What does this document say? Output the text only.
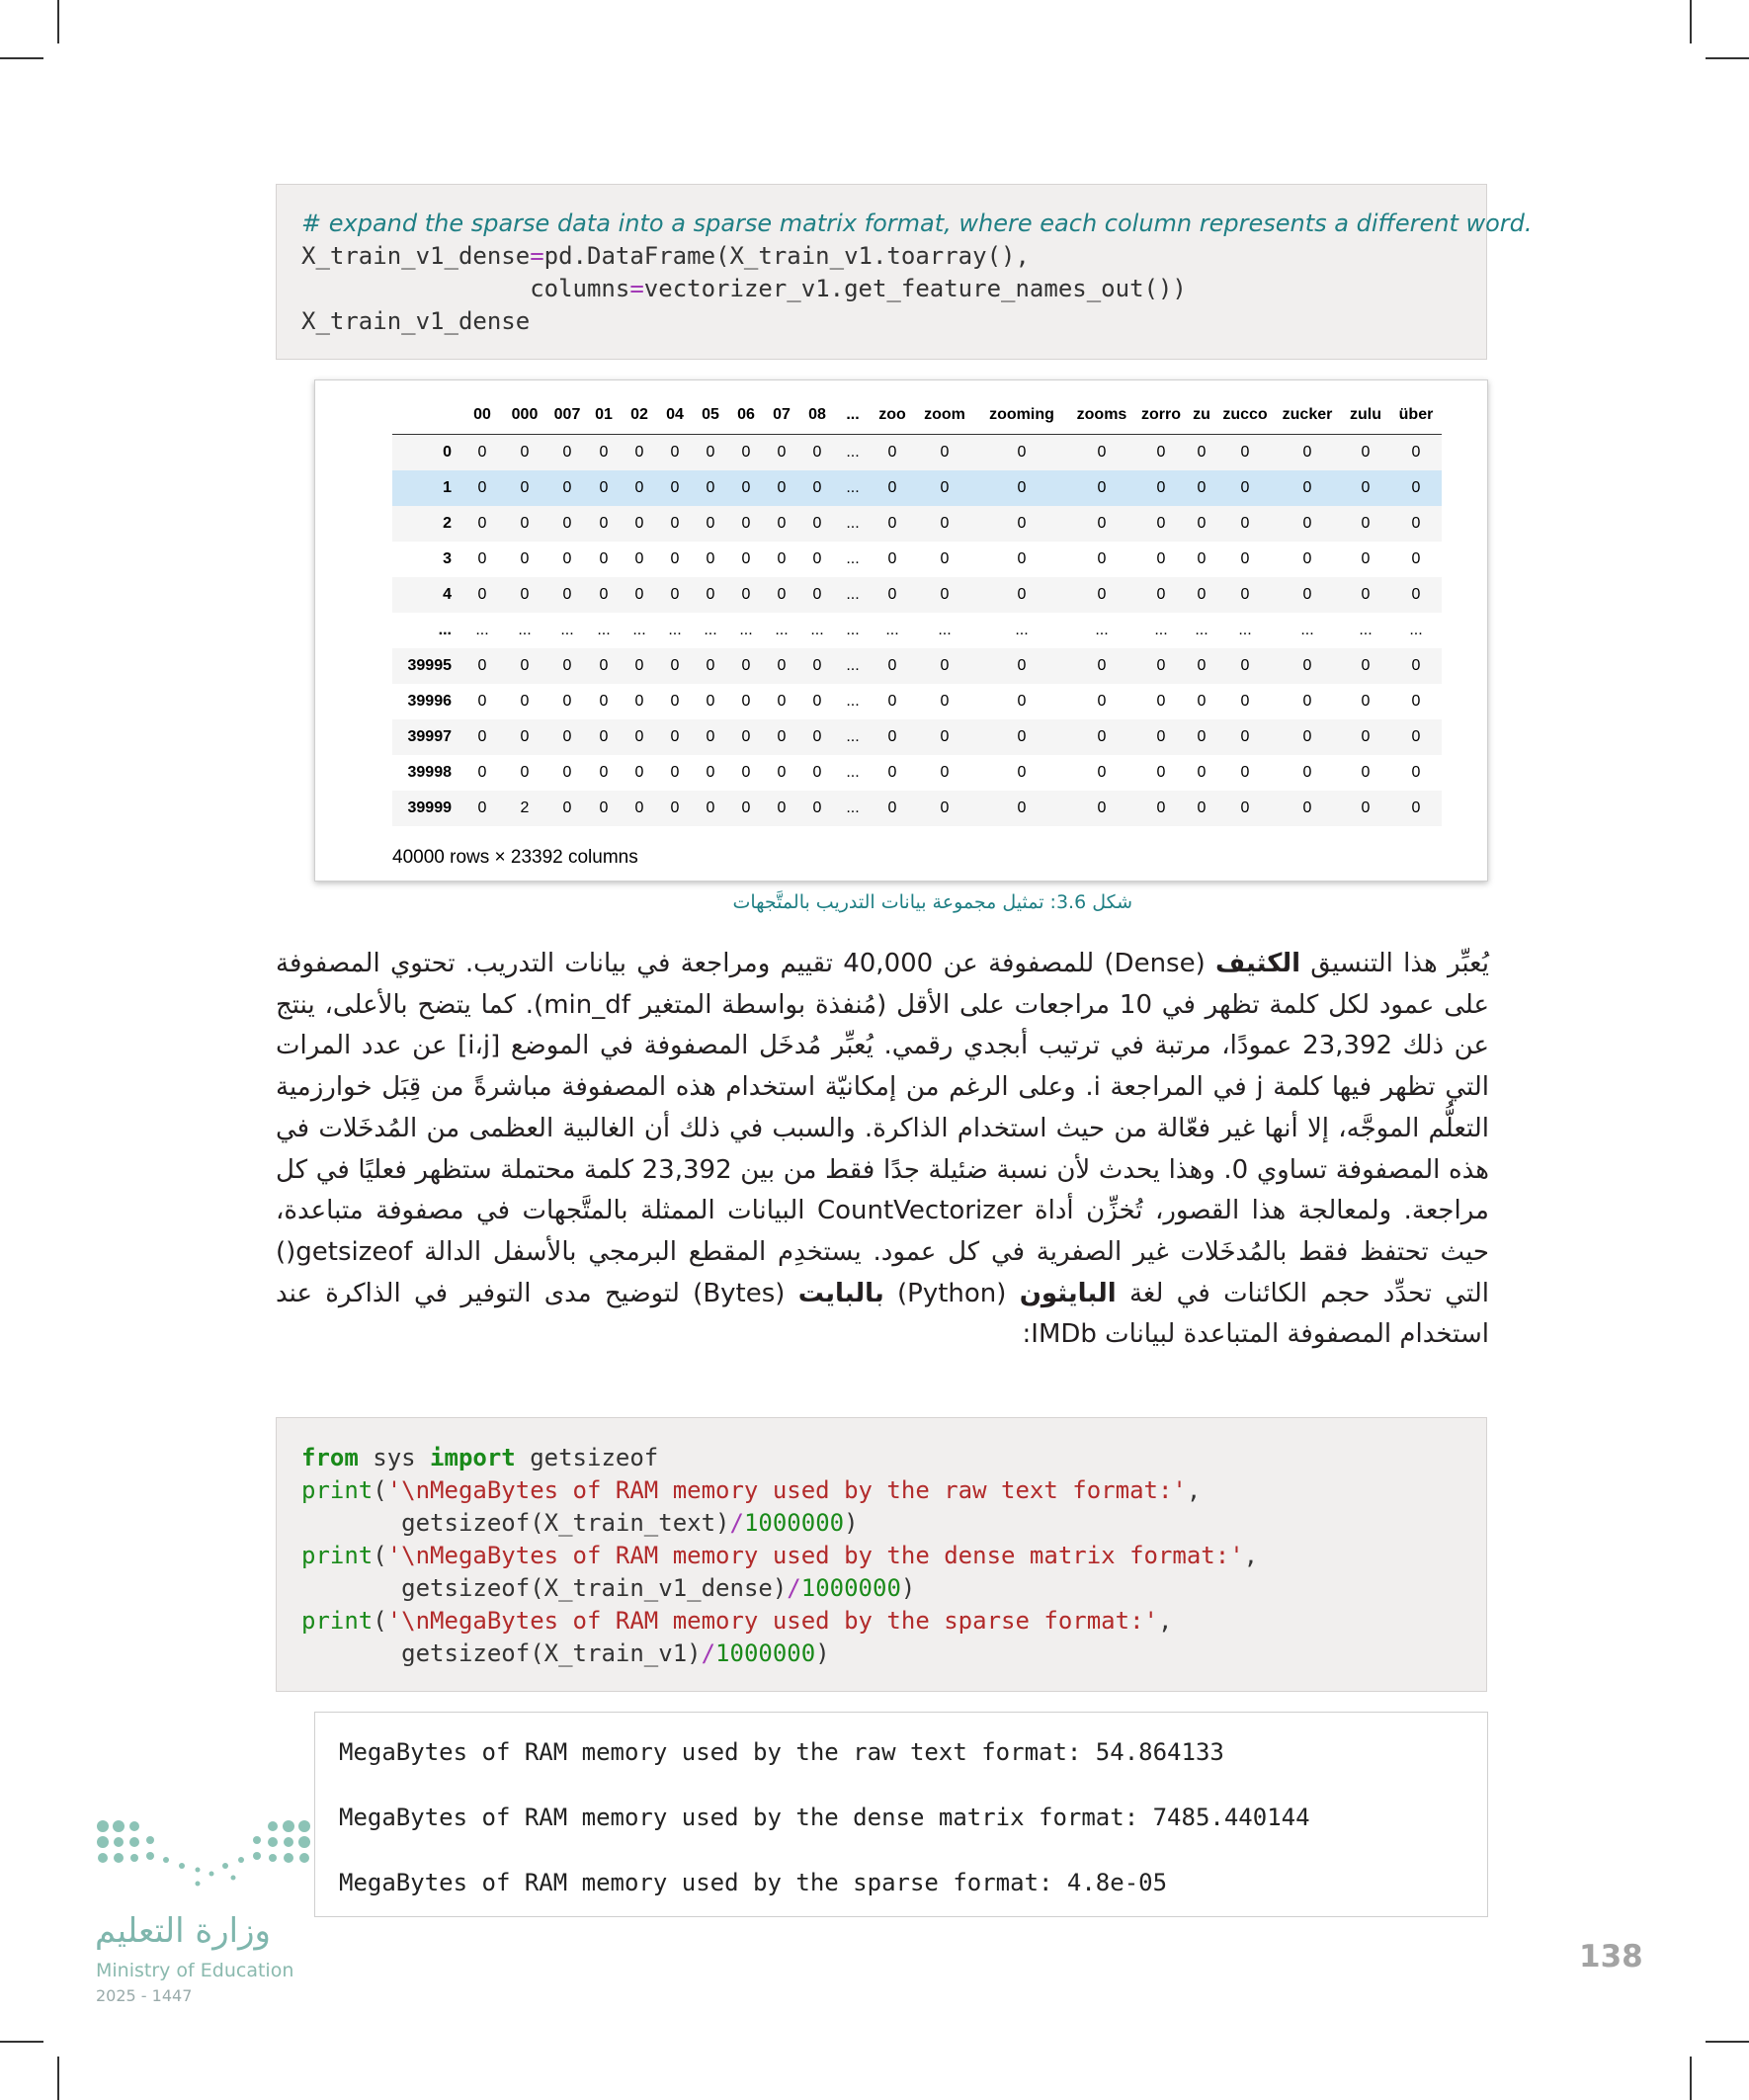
# expand the sparse data into a sparse matrix format, where each column represents a different word.
X_train_v1_dense=pd.DataFrame(X_train_v1.toarray(),
columns=vectorizer_v1.get_feature_names_out())
X_train_v1_dense
	00	000	007	01	02	04	05	06	07	08	...	zoo	zoom	zooming	zooms	zorro	zu	zucco	zucker	zulu	über
0	0	0	0	0	0	0	0	0	0	0	...	0	0	0	0	0	0	0	0	0	0
1	0	0	0	0	0	0	0	0	0	0	...	0	0	0	0	0	0	0	0	0	0
2	0	0	0	0	0	0	0	0	0	0	...	0	0	0	0	0	0	0	0	0	0
3	0	0	0	0	0	0	0	0	0	0	...	0	0	0	0	0	0	0	0	0	0
4	0	0	0	0	0	0	0	0	0	0	...	0	0	0	0	0	0	0	0	0	0
...	...	...	...	...	...	...	...	...	...	...	...	...	...	...	...	...	...	...	...	...	...
39995	0	0	0	0	0	0	0	0	0	0	...	0	0	0	0	0	0	0	0	0	0
39996	0	0	0	0	0	0	0	0	0	0	...	0	0	0	0	0	0	0	0	0	0
39997	0	0	0	0	0	0	0	0	0	0	...	0	0	0	0	0	0	0	0	0	0
39998	0	0	0	0	0	0	0	0	0	0	...	0	0	0	0	0	0	0	0	0	0
39999	0	2	0	0	0	0	0	0	0	0	...	0	0	0	0	0	0	0	0	0	0
40000 rows × 23392 columns
شكل 3.6: تمثيل مجموعة بيانات التدريب بالمتَّجهات

يُعبِّر هذا التنسيق الكثيف (Dense) للمصفوفة عن 40,000 تقييم ومراجعة في بيانات التدريب. تحتوي المصفوفة على عمود لكل كلمة تظهر في 10 مراجعات على الأقل (مُنفذة بواسطة المتغير min_df). كما يتضح بالأعلى، ينتج عن ذلك 23,392 عمودًا، مرتبة في ترتيب أبجدي رقمي. يُعبِّر مُدخَل المصفوفة في الموضع [i،j] عن عدد المرات التي تظهر فيها كلمة j في المراجعة i. وعلى الرغم من إمكانيّة استخدام هذه المصفوفة مباشرةً من قِبَل خوارزمية التعلُّم الموجَّه، إلا أنها غير فعّالة من حيث استخدام الذاكرة. والسبب في ذلك أن الغالبية العظمى من المُدخَلات في هذه المصفوفة تساوي 0. وهذا يحدث لأن نسبة ضئيلة جدًا فقط من بين 23,392 كلمة محتملة ستظهر فعليًا في كل مراجعة. ولمعالجة هذا القصور، تُخزِّن أداة CountVectorizer البيانات الممثلة بالمتَّجهات في مصفوفة متباعدة، حيث تحتفظ فقط بالمُدخَلات غير الصفرية في كل عمود. يستخدِم المقطع البرمجي بالأسفل الدالة getsizeof() التي تحدِّد حجم الكائنات في لغة البايثون (Python) بالبايت (Bytes) لتوضيح مدى التوفير في الذاكرة عند استخدام المصفوفة المتباعدة لبيانات IMDb:

from sys import getsizeof
print('\nMegaBytes of RAM memory used by the raw text format:',
getsizeof(X_train_text)/1000000)
print('\nMegaBytes of RAM memory used by the dense matrix format:',
getsizeof(X_train_v1_dense)/1000000)
print('\nMegaBytes of RAM memory used by the sparse format:',
getsizeof(X_train_v1)/1000000)
MegaBytes of RAM memory used by the raw text format: 54.864133
MegaBytes of RAM memory used by the dense matrix format: 7485.440144
MegaBytes of RAM memory used by the sparse format: 4.8e-05
وزارة التعليم
Ministry of Education
2025 - 1447
138
